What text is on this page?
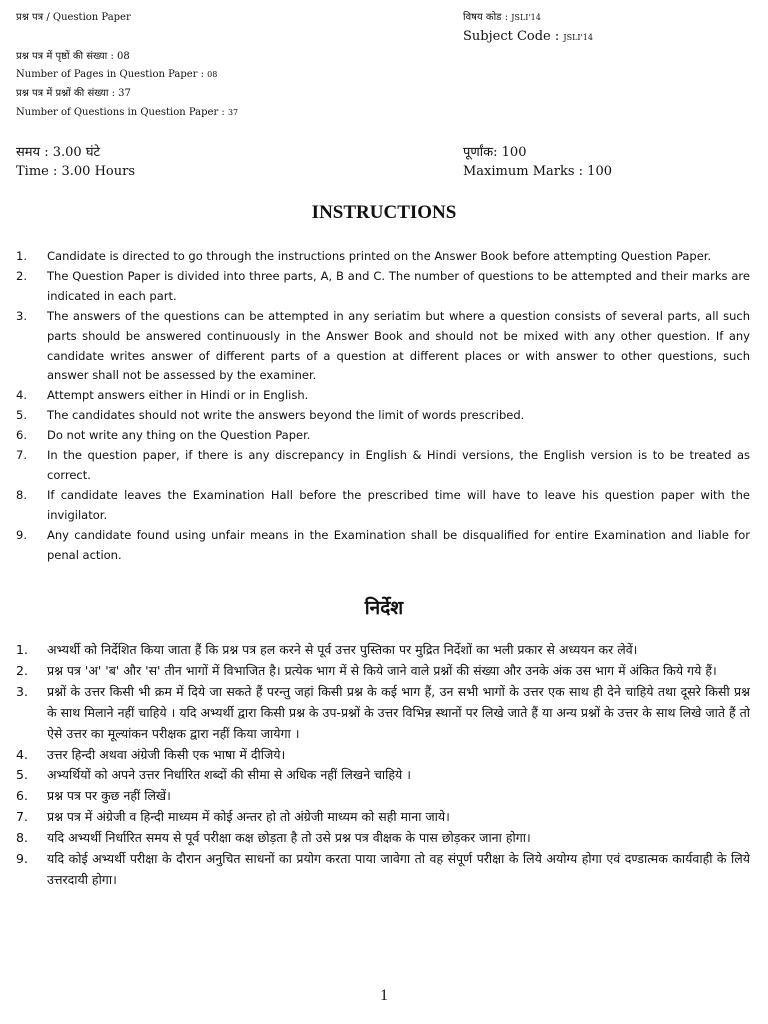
प्रश्न पत्र / Question Paper
प्रश्न पत्र में पृष्ठों की संख्या : 08
Number of Pages in Question Paper : 08
प्रश्न पत्र में प्रश्नों की संख्या : 37
Number of Questions in Question Paper : 37
समय : 3.00 घंटे
Time : 3.00 Hours
विषय कोड : JSLI'14
Subject Code : JSLI'14
पूर्णांक: 100
Maximum Marks : 100
INSTRUCTIONS
1. Candidate is directed to go through the instructions printed on the Answer Book before attempting Question Paper.
2. The Question Paper is divided into three parts, A, B and C. The number of questions to be attempted and their marks are indicated in each part.
3. The answers of the questions can be attempted in any seriatim but where a question consists of several parts, all such parts should be answered continuously in the Answer Book and should not be mixed with any other question. If any candidate writes answer of different parts of a question at different places or with answer to other questions, such answer shall not be assessed by the examiner.
4. Attempt answers either in Hindi or in English.
5. The candidates should not write the answers beyond the limit of words prescribed.
6. Do not write any thing on the Question Paper.
7. In the question paper, if there is any discrepancy in English & Hindi versions, the English version is to be treated as correct.
8. If candidate leaves the Examination Hall before the prescribed time will have to leave his question paper with the invigilator.
9. Any candidate found using unfair means in the Examination shall be disqualified for entire Examination and liable for penal action.
निर्देश
1. अभ्यर्थी को निर्देशित किया जाता हैं कि प्रश्न पत्र हल करने से पूर्व उत्तर पुस्तिका पर मुद्रित निर्देशों का भली प्रकार से अध्ययन कर लेवें।
2. प्रश्न पत्र 'अ' 'ब' और 'स' तीन भागों में विभाजित है। प्रत्येक भाग में से किये जाने वाले प्रश्नों की संख्या और उनके अंक उस भाग में अंकित किये गये हैं।
3. प्रश्नों के उत्तर किसी भी क्रम में दिये जा सकते हैं परन्तु जहां किसी प्रश्न के कई भाग हैं, उन सभी भागों के उत्तर एक साथ ही देने चाहिये तथा दूसरे किसी प्रश्न के साथ मिलाने नहीं चाहिये । यदि अभ्यर्थी द्वारा किसी प्रश्न के उप-प्रश्नों के उत्तर विभिन्न स्थानों पर लिखे जाते हैं या अन्य प्रश्नों के उत्तर के साथ लिखे जाते हैं तो ऐसे उत्तर का मूल्यांकन परीक्षक द्वारा नहीं किया जायेगा ।
4. उत्तर हिन्दी अथवा अंग्रेजी किसी एक भाषा में दीजिये।
5. अभ्यर्थियों को अपने उत्तर निर्धारित शब्दों की सीमा से अधिक नहीं लिखने चाहिये ।
6. प्रश्न पत्र पर कुछ नहीं लिखें।
7. प्रश्न पत्र में अंग्रेजी व हिन्दी माध्यम में कोई अन्तर हो तो अंग्रेजी माध्यम को सही माना जाये।
8. यदि अभ्यर्थी निर्धारित समय से पूर्व परीक्षा कक्ष छोड़ता है तो उसे प्रश्न पत्र वीक्षक के पास छोड़कर जाना होगा।
9. यदि कोई अभ्यर्थी परीक्षा के दौरान अनुचित साधनों का प्रयोग करता पाया जावेगा तो वह संपूर्ण परीक्षा के लिये अयोग्य होगा एवं दण्डात्मक कार्यवाही के लिये उत्तरदायी होगा।
1
